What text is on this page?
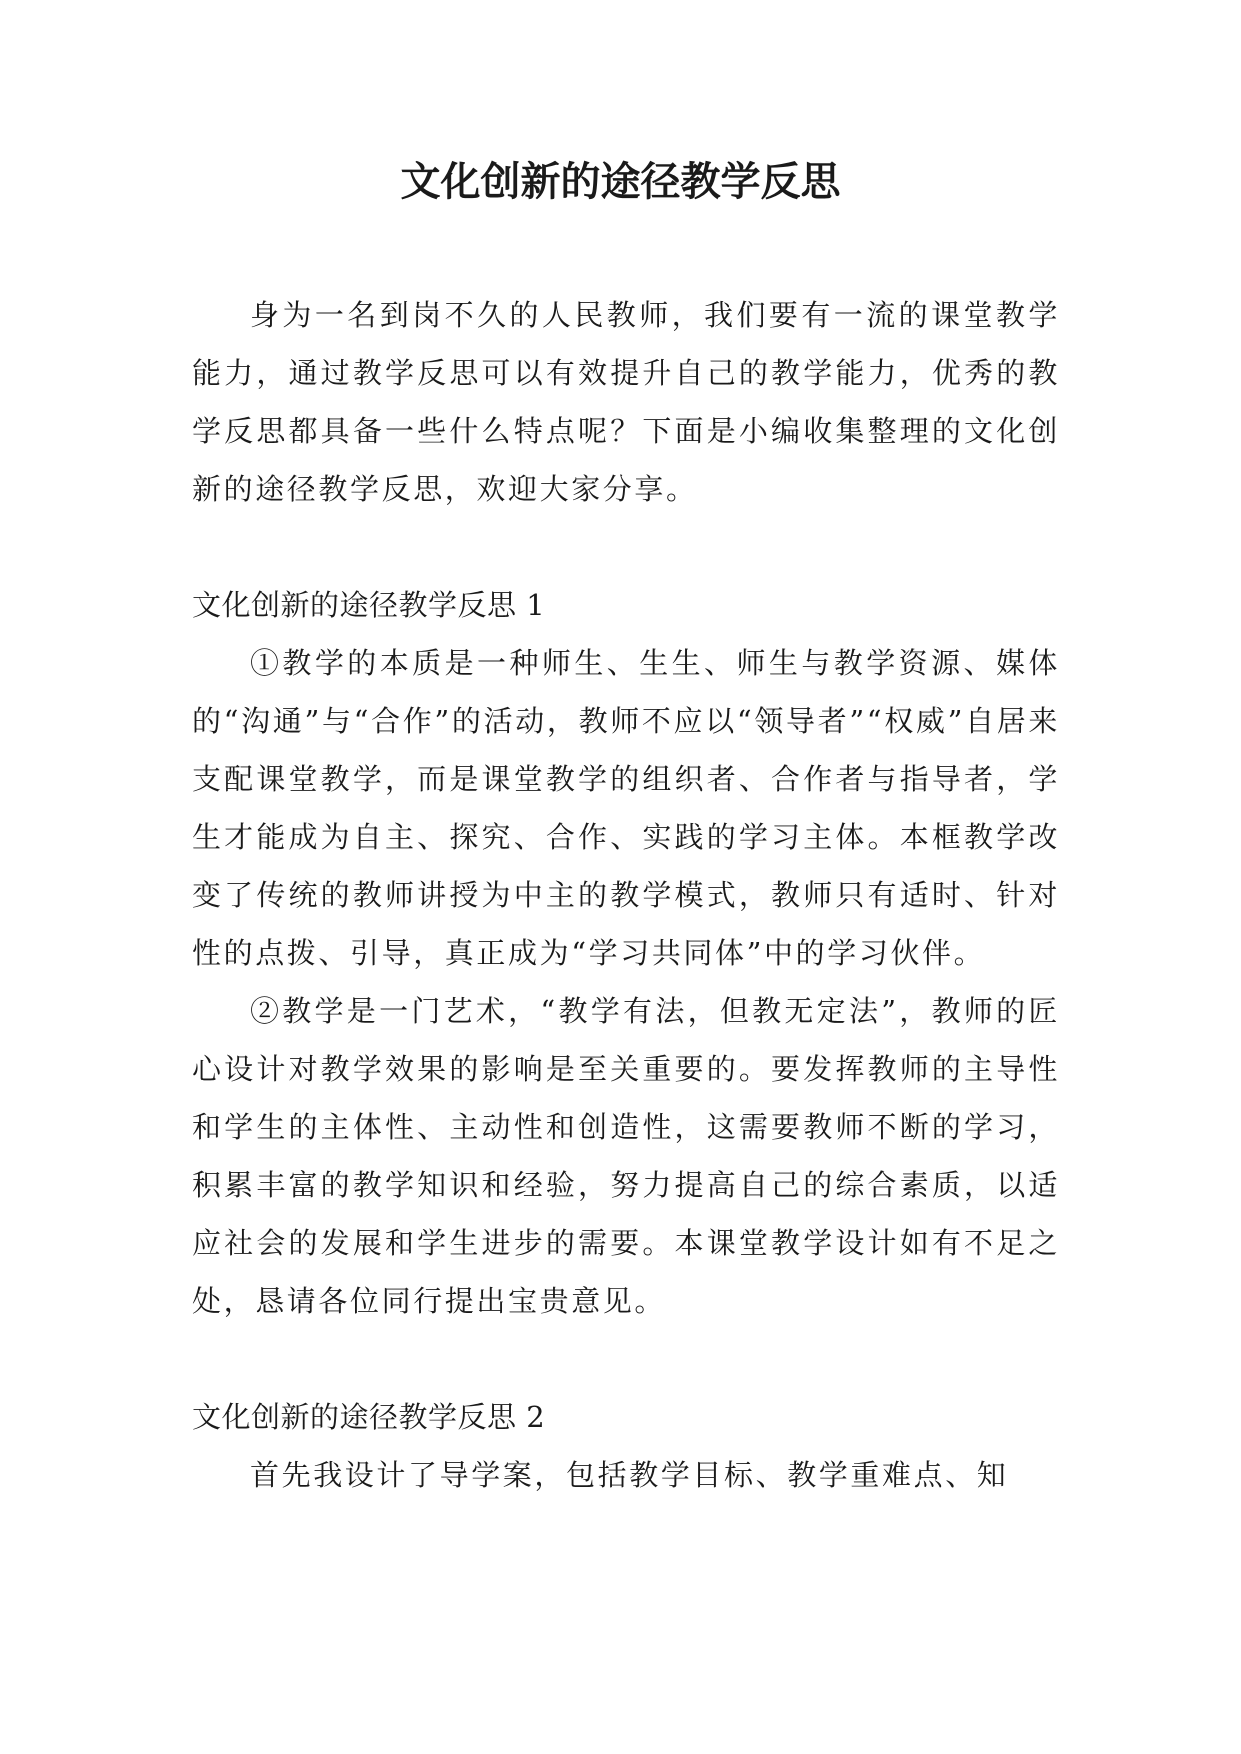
文化创新的途径教学反思

身为一名到岗不久的人民教师，我们要有一流的课堂教学能力，通过教学反思可以有效提升自己的教学能力，优秀的教学反思都具备一些什么特点呢？下面是小编收集整理的文化创新的途径教学反思，欢迎大家分享。

文化创新的途径教学反思 1

①教学的本质是一种师生、生生、师生与教学资源、媒体的“沟通”与“合作”的活动，教师不应以“领导者”“权威”自居来支配课堂教学，而是课堂教学的组织者、合作者与指导者，学生才能成为自主、探究、合作、实践的学习主体。本框教学改变了传统的教师讲授为中主的教学模式，教师只有适时、针对性的点拨、引导，真正成为“学习共同体”中的学习伙伴。

②教学是一门艺术，“教学有法，但教无定法”，教师的匠心设计对教学效果的影响是至关重要的。要发挥教师的主导性和学生的主体性、主动性和创造性，这需要教师不断的学习，积累丰富的教学知识和经验，努力提高自己的综合素质，以适应社会的发展和学生进步的需要。本课堂教学设计如有不足之处，恳请各位同行提出宝贵意见。

文化创新的途径教学反思 2

首先我设计了导学案，包括教学目标、教学重难点、知
